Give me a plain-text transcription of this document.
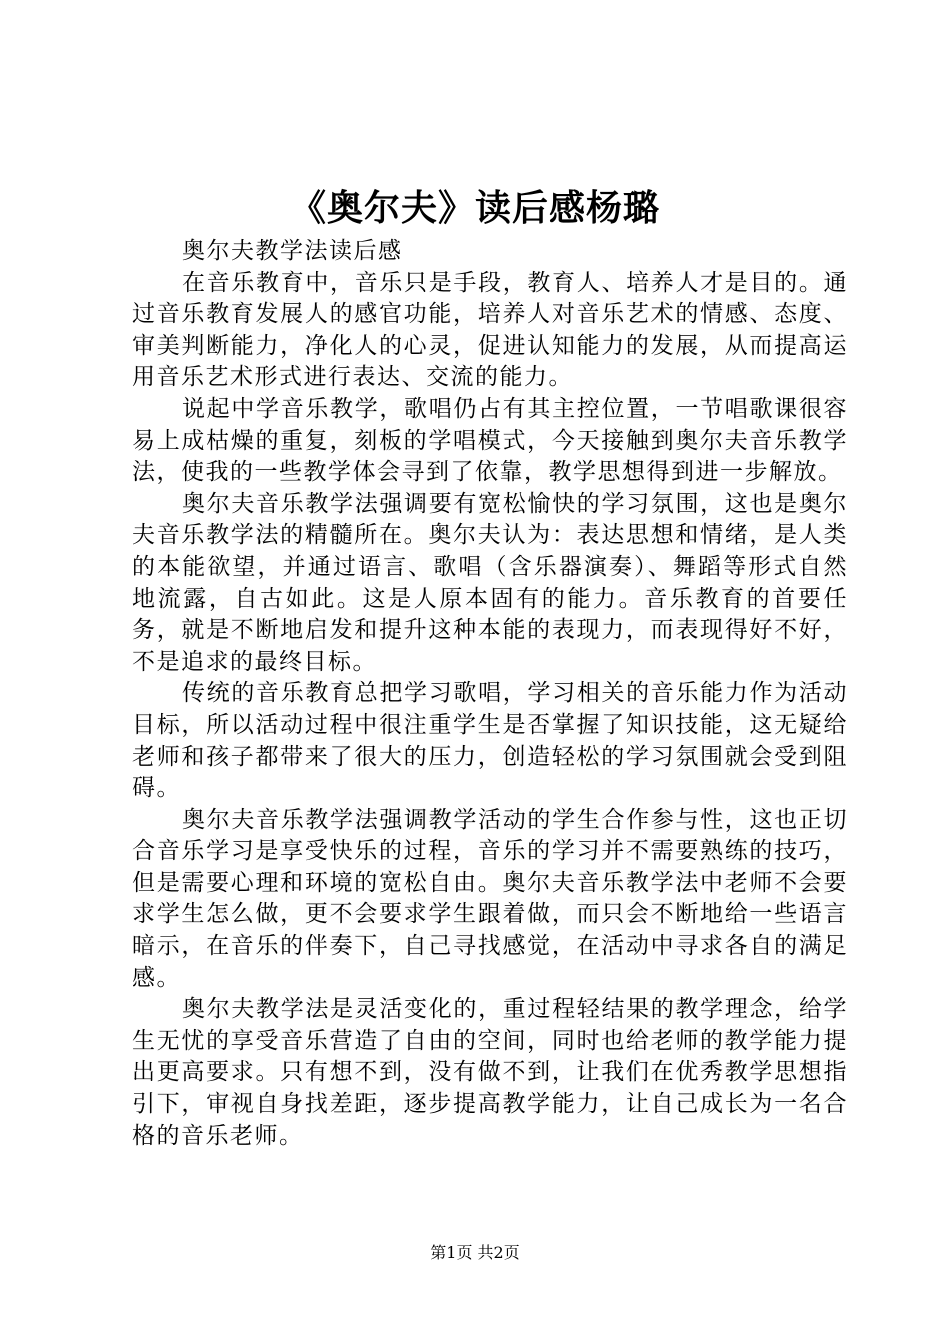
《奥尔夫》读后感杨璐

奥尔夫教学法读后感

在音乐教育中，音乐只是手段，教育人、培养人才是目的。通过音乐教育发展人的感官功能，培养人对音乐艺术的情感、态度、审美判断能力，净化人的心灵，促进认知能力的发展，从而提高运用音乐艺术形式进行表达、交流的能力。

说起中学音乐教学，歌唱仍占有其主控位置，一节唱歌课很容易上成枯燥的重复，刻板的学唱模式，今天接触到奥尔夫音乐教学法，使我的一些教学体会寻到了依靠，教学思想得到进一步解放。

奥尔夫音乐教学法强调要有宽松愉快的学习氛围，这也是奥尔夫音乐教学法的精髓所在。奥尔夫认为：表达思想和情绪，是人类的本能欲望，并通过语言、歌唱（含乐器演奏）、舞蹈等形式自然地流露，自古如此。这是人原本固有的能力。音乐教育的首要任务，就是不断地启发和提升这种本能的表现力，而表现得好不好，不是追求的最终目标。

传统的音乐教育总把学习歌唱，学习相关的音乐能力作为活动目标，所以活动过程中很注重学生是否掌握了知识技能，这无疑给老师和孩子都带来了很大的压力，创造轻松的学习氛围就会受到阻碍。

奥尔夫音乐教学法强调教学活动的学生合作参与性，这也正切合音乐学习是享受快乐的过程，音乐的学习并不需要熟练的技巧，但是需要心理和环境的宽松自由。奥尔夫音乐教学法中老师不会要求学生怎么做，更不会要求学生跟着做，而只会不断地给一些语言暗示，在音乐的伴奏下，自己寻找感觉，在活动中寻求各自的满足感。

奥尔夫教学法是灵活变化的，重过程轻结果的教学理念，给学生无忧的享受音乐营造了自由的空间，同时也给老师的教学能力提出更高要求。只有想不到，没有做不到，让我们在优秀教学思想指引下，审视自身找差距，逐步提高教学能力，让自己成长为一名合格的音乐老师。

第1页 共2页
